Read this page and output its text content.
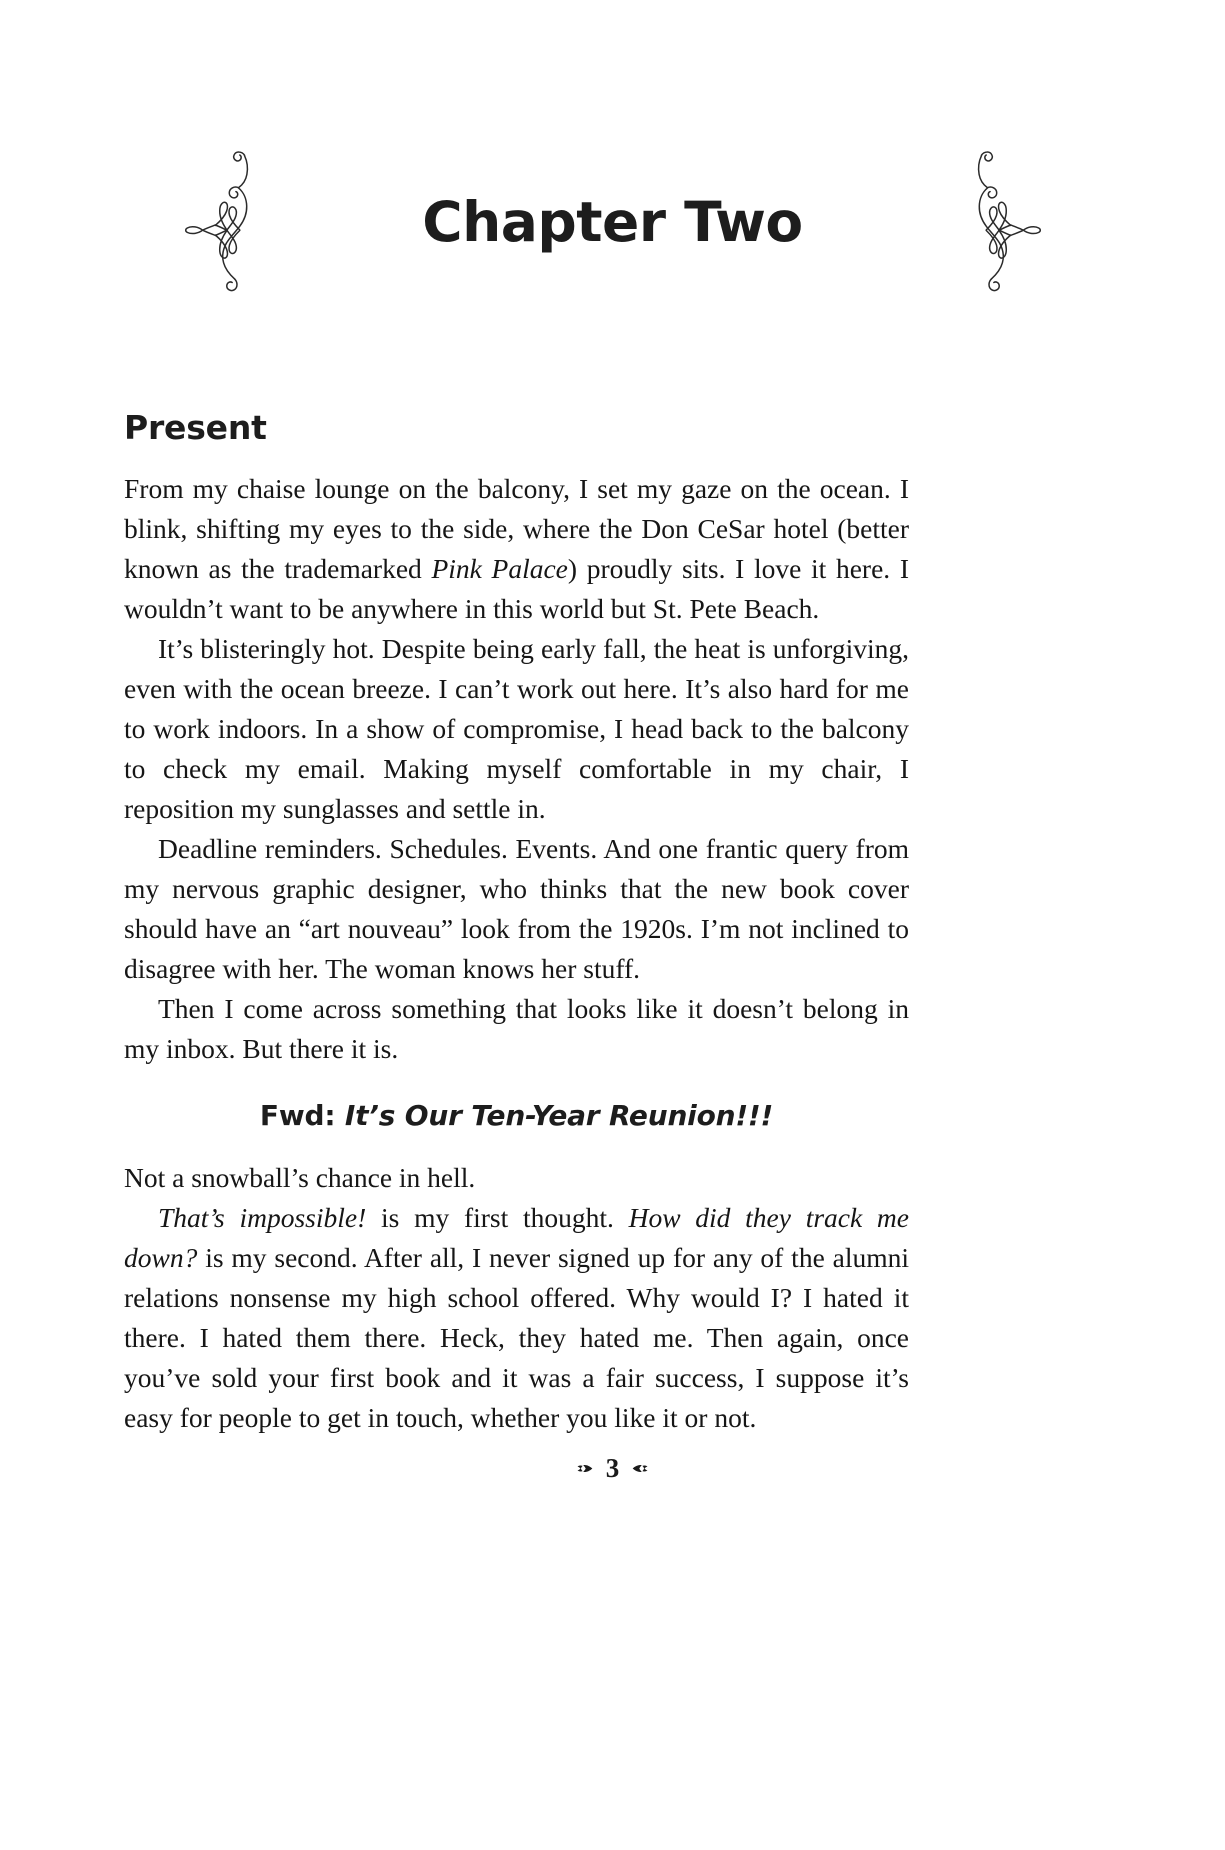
Chapter Two
Present

From my chaise lounge on the balcony, I set my gaze on the ocean. I blink, shifting my eyes to the side, where the Don CeSar hotel (better known as the trademarked Pink Palace) proudly sits. I love it here. I wouldn’t want to be anywhere in this world but St. Pete Beach.

It’s blisteringly hot. Despite being early fall, the heat is unforgiving, even with the ocean breeze. I can’t work out here. It’s also hard for me to work indoors. In a show of compromise, I head back to the balcony to check my email. Making myself comfortable in my chair, I reposition my sunglasses and settle in.

Deadline reminders. Schedules. Events. And one frantic query from my nervous graphic designer, who thinks that the new book cover should have an “art nouveau” look from the 1920s. I’m not inclined to disagree with her. The woman knows her stuff.

Then I come across something that looks like it doesn’t belong in my inbox. But there it is.

Fwd: It’s Our Ten-Year Reunion!!!

Not a snowball’s chance in hell.

That’s impossible! is my first thought. How did they track me down? is my second. After all, I never signed up for any of the alumni relations nonsense my high school offered. Why would I? I hated it there. I hated them there. Heck, they hated me. Then again, once you’ve sold your first book and it was a fair success, I suppose it’s easy for people to get in touch, whether you like it or not.

3
